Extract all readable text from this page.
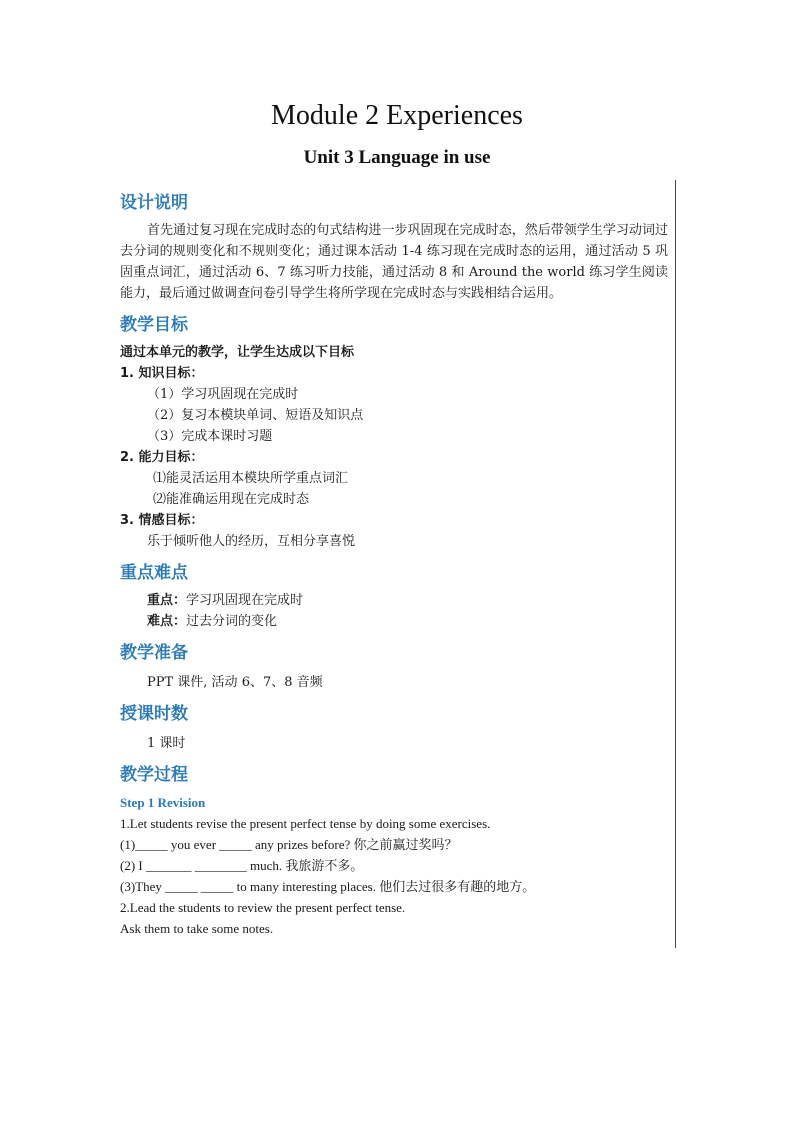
Module 2 Experiences
Unit 3 Language in use
设计说明

首先通过复习现在完成时态的句式结构进一步巩固现在完成时态，然后带领学生学习动词过去分词的规则变化和不规则变化；通过课本活动 1-4 练习现在完成时态的运用，通过活动 5 巩固重点词汇，通过活动 6、7 练习听力技能，通过活动 8 和 Around the world 练习学生阅读能力，最后通过做调查问卷引导学生将所学现在完成时态与实践相结合运用。

教学目标
通过本单元的教学，让学生达成以下目标
1. 知识目标：
（1）学习巩固现在完成时
（2）复习本模块单词、短语及知识点
（3）完成本课时习题
2. 能力目标：
⑴能灵活运用本模块所学重点词汇
⑵能准确运用现在完成时态
3. 情感目标：
乐于倾听他人的经历，互相分享喜悦
重点难点
重点：学习巩固现在完成时
难点：过去分词的变化
教学准备
PPT 课件, 活动 6、7、8 音频
授课时数
1 课时
教学过程
Step 1 Revision
1.Let students revise the present perfect tense by doing some exercises.
(1)_____ you ever _____ any prizes before? 你之前赢过奖吗？
(2) I _______ ________ much. 我旅游不多。
(3)They _____ _____ to many interesting places. 他们去过很多有趣的地方。
2.Lead the students to review the present perfect tense.
Ask them to take some notes.
